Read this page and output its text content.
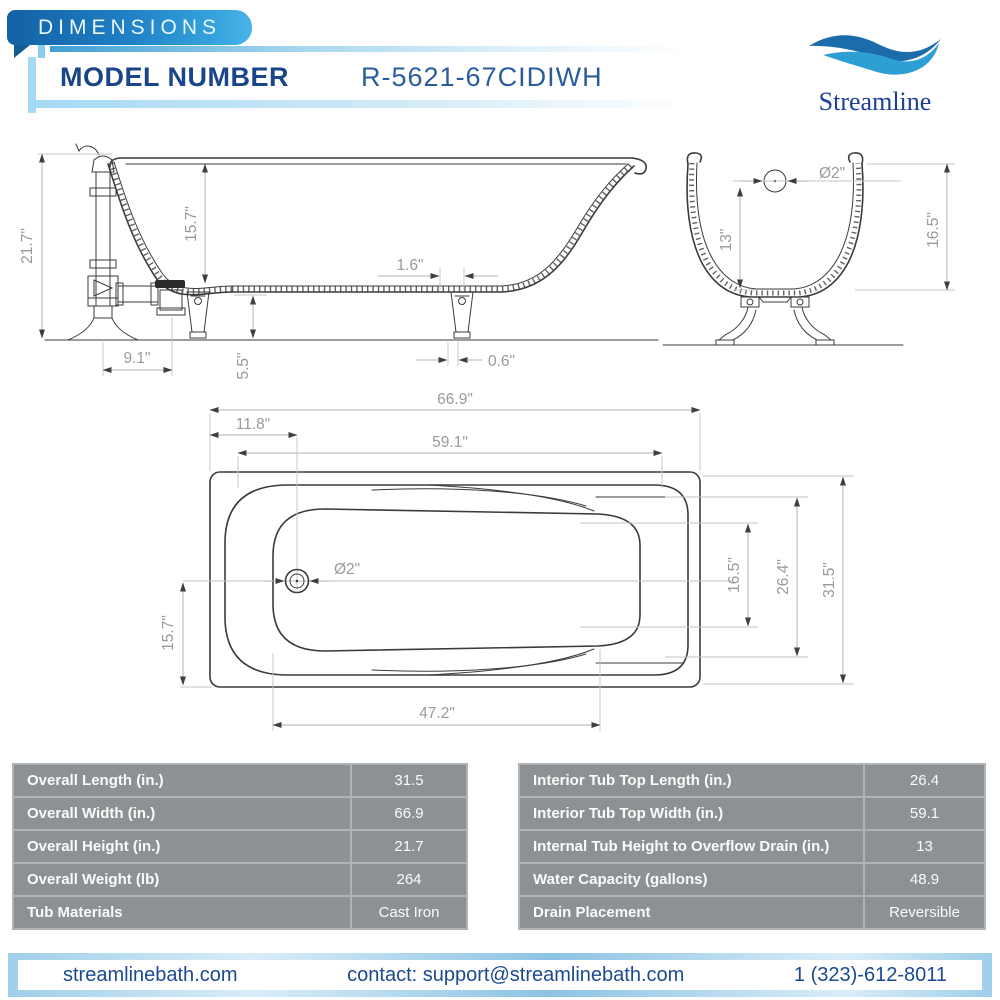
DIMENSIONS
MODEL NUMBER	R-5621-67CIDIWH
Streamline
21.7"
15.7"
9.1"	5.5"
1.6"
0.6"
Ø2"
13"	16.5"
Ø2"
66.9"
11.8"
59.1"
15.7"
47.2"
16.5" 26.4" 31.5"
Overall Length (in.)	31.5
Overall Width (in.)	66.9
Overall Height (in.)	21.7
Overall Weight (lb)	264
Tub Materials	Cast Iron
Interior Tub Top Length (in.)	26.4
Interior Tub Top Width (in.)	59.1
Internal Tub Height to Overflow Drain (in.)	13
Water Capacity (gallons)	48.9
Drain Placement	Reversible
streamlinebath.com	contact: support@streamlinebath.com	1 (323)-612-8011
